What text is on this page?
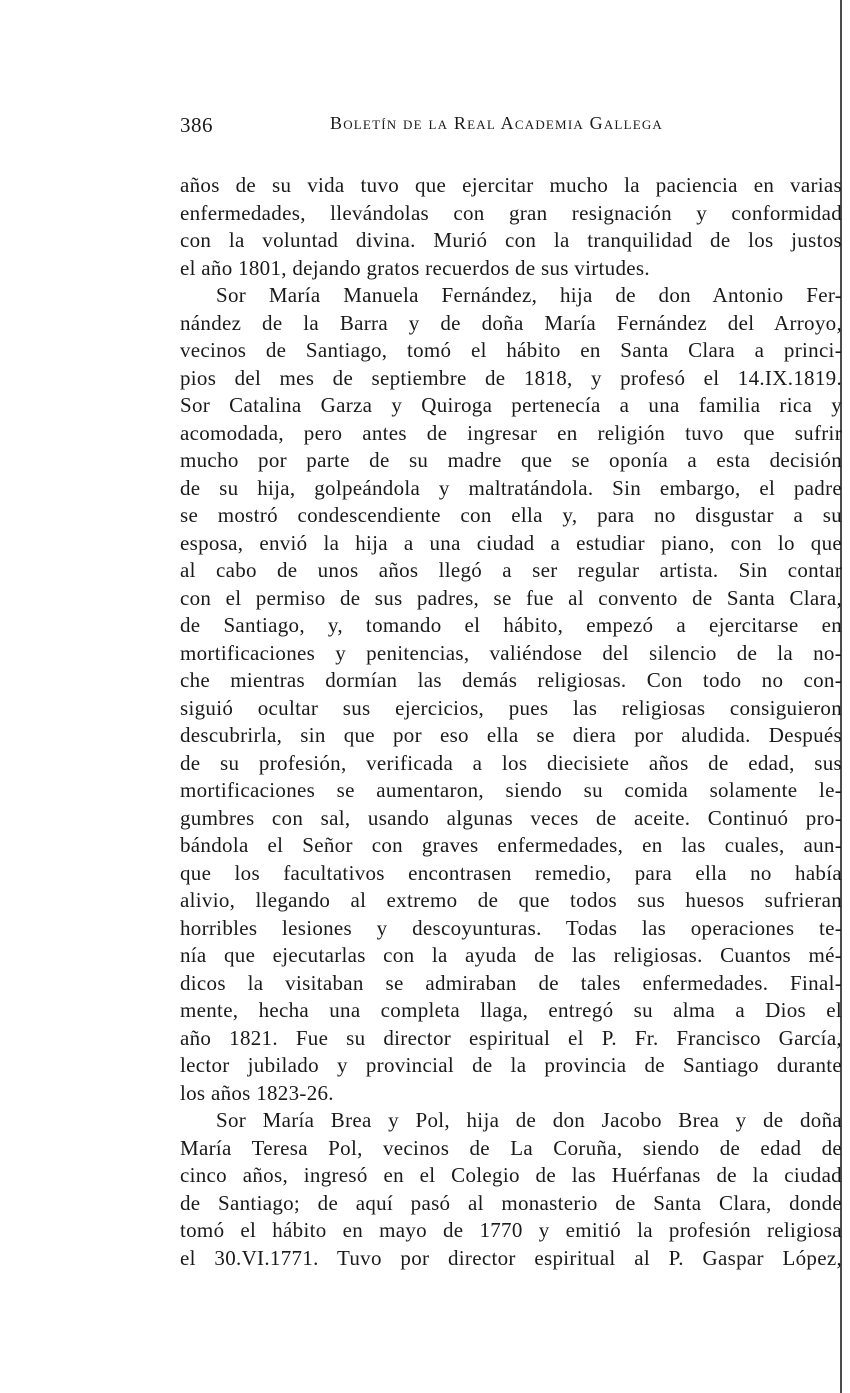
386	Boletín de la Real Academia Gallega
años de su vida tuvo que ejercitar mucho la paciencia en varias
enfermedades, llevándolas con gran resignación y conformidad
con la voluntad divina. Murió con la tranquilidad de los justos
el año 1801, dejando gratos recuerdos de sus virtudes.
Sor María Manuela Fernández, hija de don Antonio Fer-
nández de la Barra y de doña María Fernández del Arroyo,
vecinos de Santiago, tomó el hábito en Santa Clara a princi-
pios del mes de septiembre de 1818, y profesó el 14.IX.1819.
Sor Catalina Garza y Quiroga pertenecía a una familia rica y
acomodada, pero antes de ingresar en religión tuvo que sufrir
mucho por parte de su madre que se oponía a esta decisión
de su hija, golpeándola y maltratándola. Sin embargo, el padre
se mostró condescendiente con ella y, para no disgustar a su
esposa, envió la hija a una ciudad a estudiar piano, con lo que
al cabo de unos años llegó a ser regular artista. Sin contar
con el permiso de sus padres, se fue al convento de Santa Clara,
de Santiago, y, tomando el hábito, empezó a ejercitarse en
mortificaciones y penitencias, valiéndose del silencio de la no-
che mientras dormían las demás religiosas. Con todo no con-
siguió ocultar sus ejercicios, pues las religiosas consiguieron
descubrirla, sin que por eso ella se diera por aludida. Después
de su profesión, verificada a los diecisiete años de edad, sus
mortificaciones se aumentaron, siendo su comida solamente le-
gumbres con sal, usando algunas veces de aceite. Continuó pro-
bándola el Señor con graves enfermedades, en las cuales, aun-
que los facultativos encontrasen remedio, para ella no había
alivio, llegando al extremo de que todos sus huesos sufrieran
horribles lesiones y descoyunturas. Todas las operaciones te-
nía que ejecutarlas con la ayuda de las religiosas. Cuantos mé-
dicos la visitaban se admiraban de tales enfermedades. Final-
mente, hecha una completa llaga, entregó su alma a Dios el
año 1821. Fue su director espiritual el P. Fr. Francisco García,
lector jubilado y provincial de la provincia de Santiago durante
los años 1823-26.
Sor María Brea y Pol, hija de don Jacobo Brea y de doña
María Teresa Pol, vecinos de La Coruña, siendo de edad de
cinco años, ingresó en el Colegio de las Huérfanas de la ciudad
de Santiago; de aquí pasó al monasterio de Santa Clara, donde
tomó el hábito en mayo de 1770 y emitió la profesión religiosa
el 30.VI.1771. Tuvo por director espiritual al P. Gaspar López,
